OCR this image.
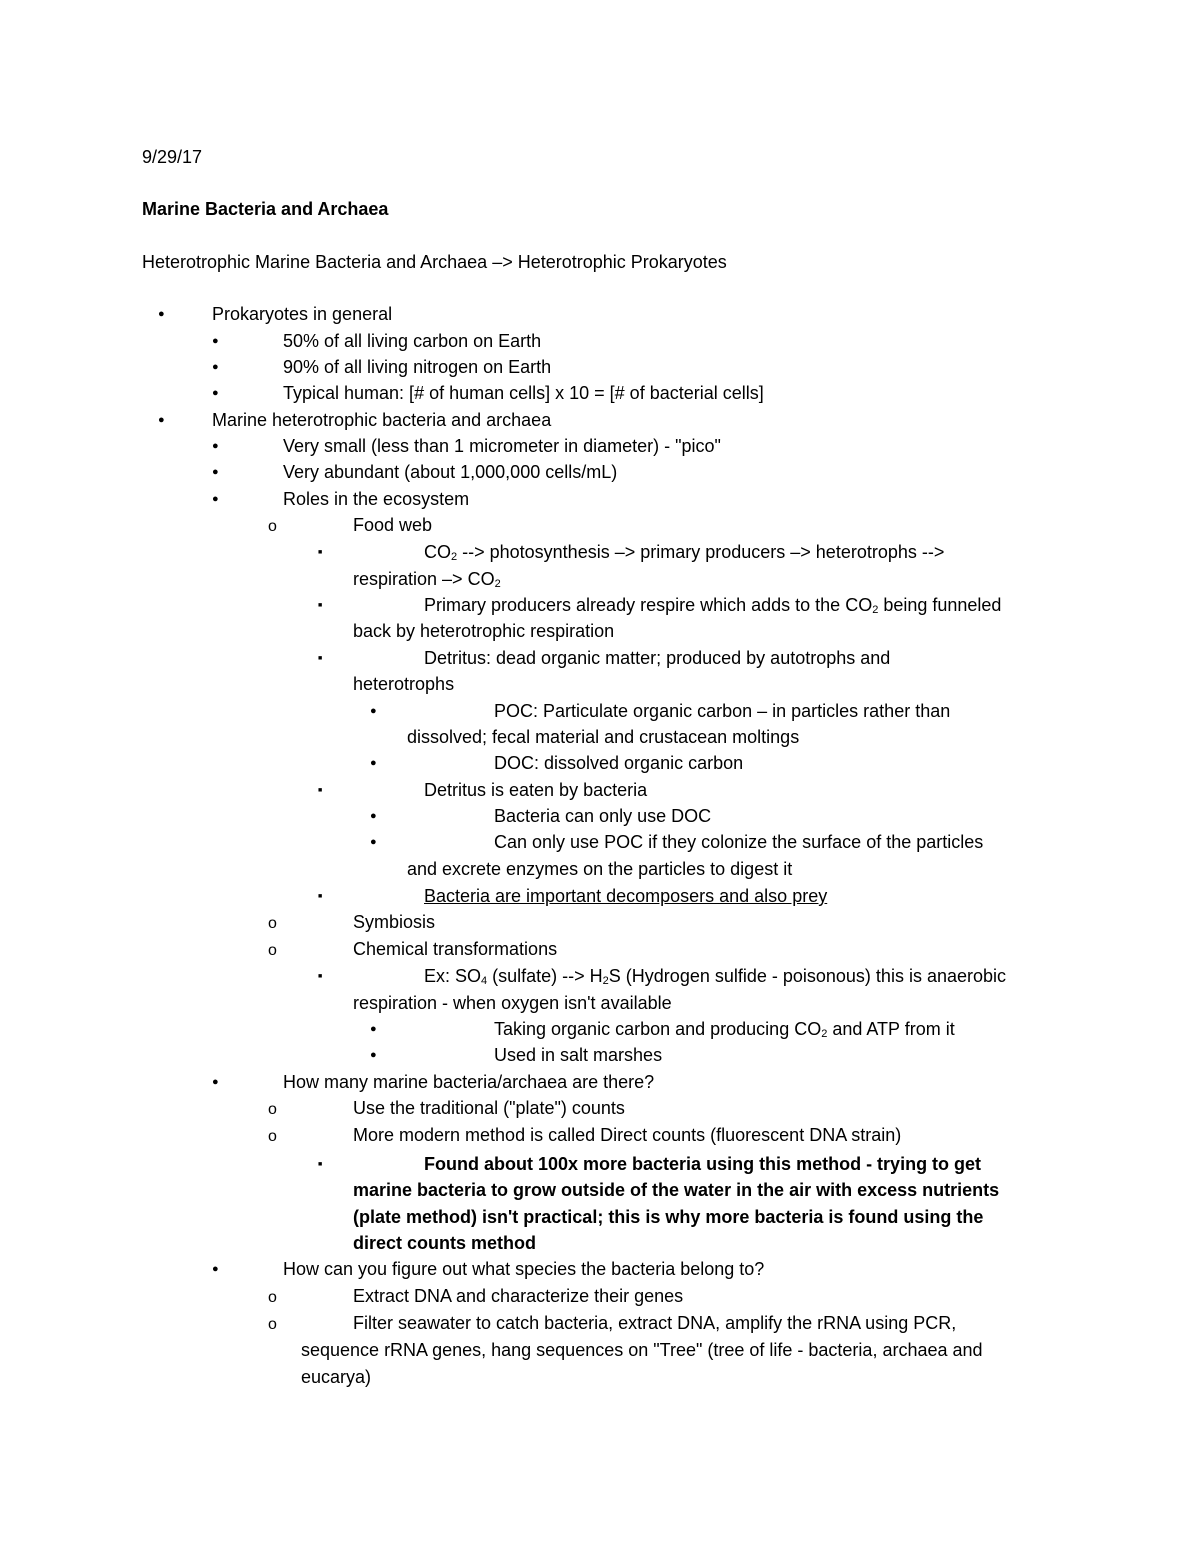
9/29/17
Marine Bacteria and Archaea
Heterotrophic Marine Bacteria and Archaea –> Heterotrophic Prokaryotes
●
Prokaryotes in general
●
50% of all living carbon on Earth
●
90% of all living nitrogen on Earth
●
Typical human: [# of human cells] x 10 = [# of bacterial cells]
●
Marine heterotrophic bacteria and archaea
●
Very small (less than 1 micrometer in diameter) - "pico"
●
Very abundant (about 1,000,000 cells/mL)
●
Roles in the ecosystem
o
Food web
■
$CO_2$ --> photosynthesis –> primary producers –> heterotrophs -->
respiration –> $CO_2$
■
Primary producers already respire which adds to the $CO_2$ being funneled
back by heterotrophic respiration
■
Detritus: dead organic matter; produced by autotrophs and
heterotrophs
●
POC: Particulate organic carbon – in particles rather than
dissolved; fecal material and crustacean moltings
●
DOC: dissolved organic carbon
■
Detritus is eaten by bacteria
●
Bacteria can only use DOC
●
Can only use POC if they colonize the surface of the particles
and excrete enzymes on the particles to digest it
■
Bacteria are important decomposers and also prey
o
Symbiosis
o
Chemical transformations
■
Ex: $SO_4$ (sulfate) --> $H_2S$ (Hydrogen sulfide - poisonous) this is anaerobic
respiration - when oxygen isn't available
●
Taking organic carbon and producing $CO_2$ and ATP from it
●
Used in salt marshes
●
How many marine bacteria/archaea are there?
o
Use the traditional ("plate") counts
o
More modern method is called Direct counts (fluorescent DNA strain)
■
Found about 100x more bacteria using this method - trying to get
marine bacteria to grow outside of the water in the air with excess nutrients
(plate method) isn't practical; this is why more bacteria is found using the
direct counts method
●
How can you figure out what species the bacteria belong to?
o
Extract DNA and characterize their genes
o
Filter seawater to catch bacteria, extract DNA, amplify the rRNA using PCR,
sequence rRNA genes, hang sequences on "Tree" (tree of life - bacteria, archaea and
eucarya)
